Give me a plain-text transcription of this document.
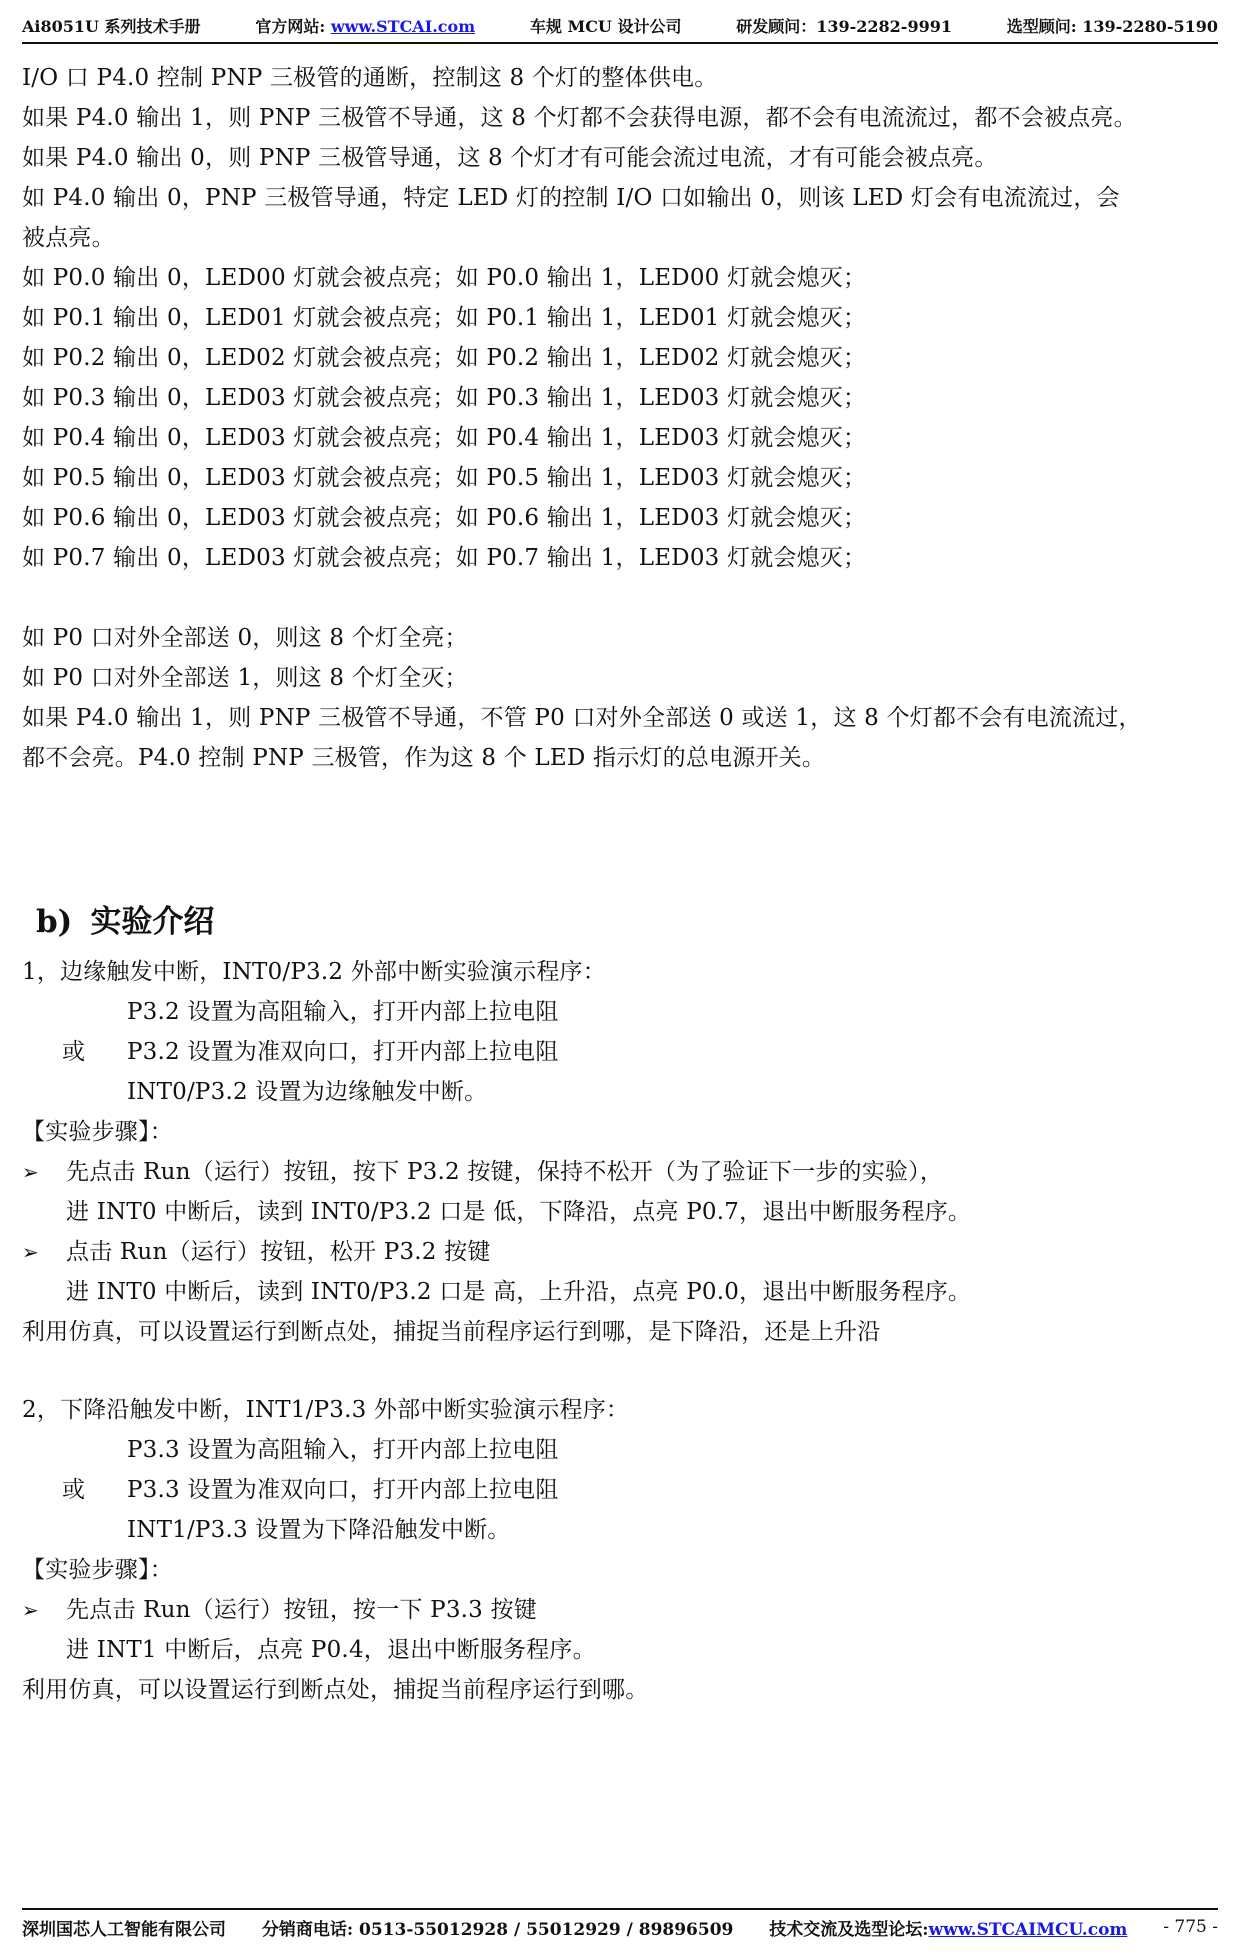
Ai8051U 系列技术手册	官方网站: www.STCAI.com	车规 MCU 设计公司	研发顾问：139-2282-9991	选型顾问: 139-2280-5190
I/O 口 P4.0 控制 PNP 三极管的通断，控制这 8 个灯的整体供电。
如果 P4.0 输出 1，则 PNP 三极管不导通，这 8 个灯都不会获得电源，都不会有电流流过，都不会被点亮。
如果 P4.0 输出 0，则 PNP 三极管导通，这 8 个灯才有可能会流过电流，才有可能会被点亮。
如 P4.0 输出 0，PNP 三极管导通，特定 LED 灯的控制 I/O 口如输出 0，则该 LED 灯会有电流流过，会
被点亮。
如 P0.0 输出 0，LED00 灯就会被点亮；如 P0.0 输出 1，LED00 灯就会熄灭；
如 P0.1 输出 0，LED01 灯就会被点亮；如 P0.1 输出 1，LED01 灯就会熄灭；
如 P0.2 输出 0，LED02 灯就会被点亮；如 P0.2 输出 1，LED02 灯就会熄灭；
如 P0.3 输出 0，LED03 灯就会被点亮；如 P0.3 输出 1，LED03 灯就会熄灭；
如 P0.4 输出 0，LED03 灯就会被点亮；如 P0.4 输出 1，LED03 灯就会熄灭；
如 P0.5 输出 0，LED03 灯就会被点亮；如 P0.5 输出 1，LED03 灯就会熄灭；
如 P0.6 输出 0，LED03 灯就会被点亮；如 P0.6 输出 1，LED03 灯就会熄灭；
如 P0.7 输出 0，LED03 灯就会被点亮；如 P0.7 输出 1，LED03 灯就会熄灭；
如 P0 口对外全部送 0，则这 8 个灯全亮；
如 P0 口对外全部送 1，则这 8 个灯全灭；
如果 P4.0 输出 1，则 PNP 三极管不导通，不管 P0 口对外全部送 0 或送 1，这 8 个灯都不会有电流流过，
都不会亮。P4.0 控制 PNP 三极管，作为这 8 个 LED 指示灯的总电源开关。
b) 实验介绍
1，边缘触发中断，INT0/P3.2 外部中断实验演示程序：
P3.2 设置为高阻输入，打开内部上拉电阻
或 P3.2 设置为准双向口，打开内部上拉电阻
INT0/P3.2 设置为边缘触发中断。
【实验步骤】：
➢ 先点击 Run（运行）按钮，按下 P3.2 按键，保持不松开（为了验证下一步的实验），
进 INT0 中断后，读到 INT0/P3.2 口是 低，下降沿，点亮 P0.7，退出中断服务程序。
➢ 点击 Run（运行）按钮，松开 P3.2 按键
进 INT0 中断后，读到 INT0/P3.2 口是 高，上升沿，点亮 P0.0，退出中断服务程序。
利用仿真，可以设置运行到断点处，捕捉当前程序运行到哪，是下降沿，还是上升沿
2，下降沿触发中断，INT1/P3.3 外部中断实验演示程序：
P3.3 设置为高阻输入，打开内部上拉电阻
或 P3.3 设置为准双向口，打开内部上拉电阻
INT1/P3.3 设置为下降沿触发中断。
【实验步骤】：
➢ 先点击 Run（运行）按钮，按一下 P3.3 按键
进 INT1 中断后，点亮 P0.4，退出中断服务程序。
利用仿真，可以设置运行到断点处，捕捉当前程序运行到哪。
深圳国芯人工智能有限公司 分销商电话: 0513-55012928 / 55012929 / 89896509 技术交流及选型论坛:www.STCAIMCU.com - 775 -
